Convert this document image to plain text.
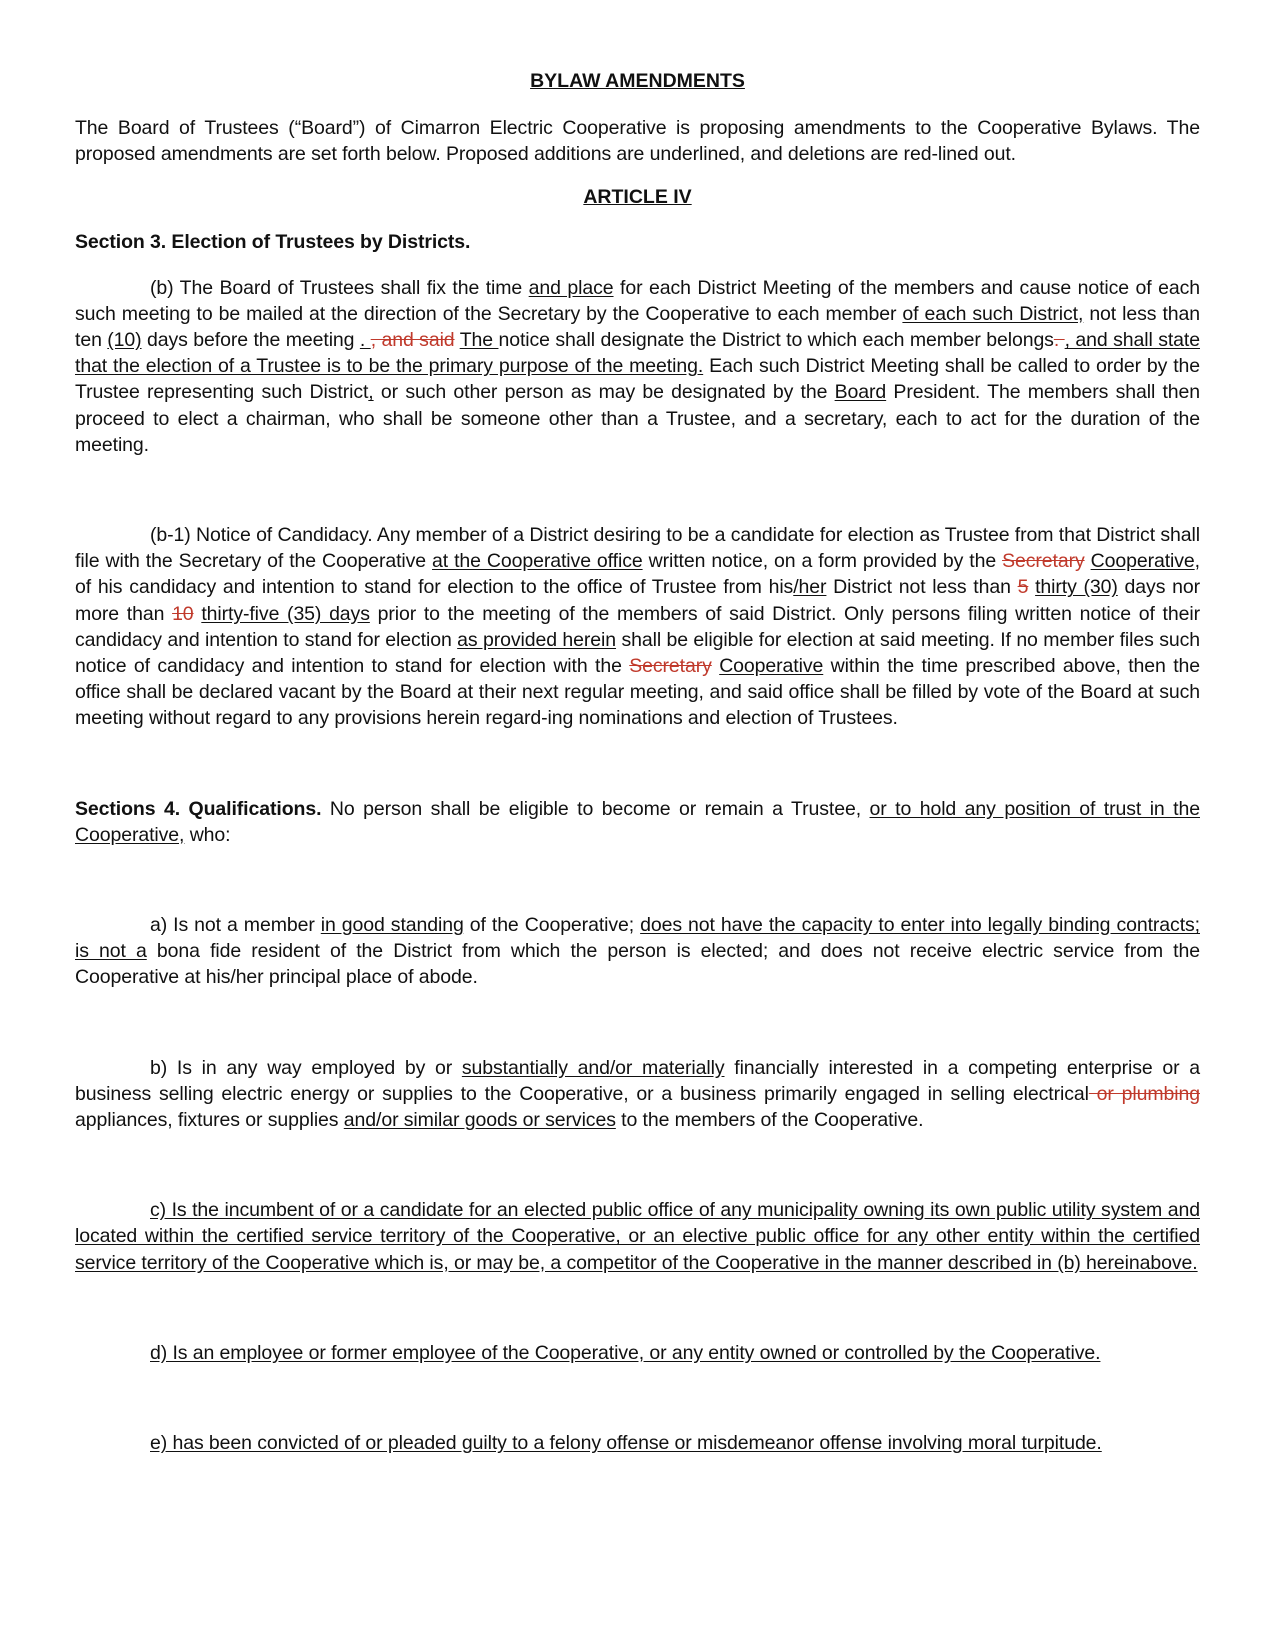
BYLAW AMENDMENTS

The Board of Trustees (“Board”) of Cimarron Electric Cooperative is proposing amendments to the Cooperative Bylaws. The proposed amendments are set forth below. Proposed additions are underlined, and deletions are red-lined out.

ARTICLE IV

Section 3. Election of Trustees by Districts.

(b) The Board of Trustees shall fix the time and place for each District Meeting of the members and cause notice of each such meeting to be mailed at the direction of the Secretary by the Cooperative to each member of each such District, not less than ten (10) days before the meeting . , and said The notice shall designate the District to which each member belongs. , and shall state that the election of a Trustee is to be the primary purpose of the meeting. Each such District Meeting shall be called to order by the Trustee representing such District, or such other person as may be designated by the Board President. The members shall then proceed to elect a chairman, who shall be someone other than a Trustee, and a secretary, each to act for the duration of the meeting.

(b-1) Notice of Candidacy. Any member of a District desiring to be a candidate for election as Trustee from that District shall file with the Secretary of the Cooperative at the Cooperative office written notice, on a form provided by the Secretary Cooperative, of his candidacy and intention to stand for election to the office of Trustee from his/her District not less than 5 thirty (30) days nor more than 10 thirty-five (35) days prior to the meeting of the members of said District. Only persons filing written notice of their candidacy and intention to stand for election as provided herein shall be eligible for election at said meeting. If no member files such notice of candidacy and intention to stand for election with the Secretary Cooperative within the time prescribed above, then the office shall be declared vacant by the Board at their next regular meeting, and said office shall be filled by vote of the Board at such meeting without regard to any provisions herein regard-ing nominations and election of Trustees.

Sections 4. Qualifications. No person shall be eligible to become or remain a Trustee, or to hold any position of trust in the Cooperative, who:

a) Is not a member in good standing of the Cooperative; does not have the capacity to enter into legally binding contracts; is not a bona fide resident of the District from which the person is elected; and does not receive electric service from the Cooperative at his/her principal place of abode.

b) Is in any way employed by or substantially and/or materially financially interested in a competing enterprise or a business selling electric energy or supplies to the Cooperative, or a business primarily engaged in selling electrical or plumbing appliances, fixtures or supplies and/or similar goods or services to the members of the Cooperative.

c) Is the incumbent of or a candidate for an elected public office of any municipality owning its own public utility system and located within the certified service territory of the Cooperative, or an elective public office for any other entity within the certified service territory of the Cooperative which is, or may be, a competitor of the Cooperative in the manner described in (b) hereinabove.

d) Is an employee or former employee of the Cooperative, or any entity owned or controlled by the Cooperative.

e) has been convicted of or pleaded guilty to a felony offense or misdemeanor offense involving moral turpitude.
